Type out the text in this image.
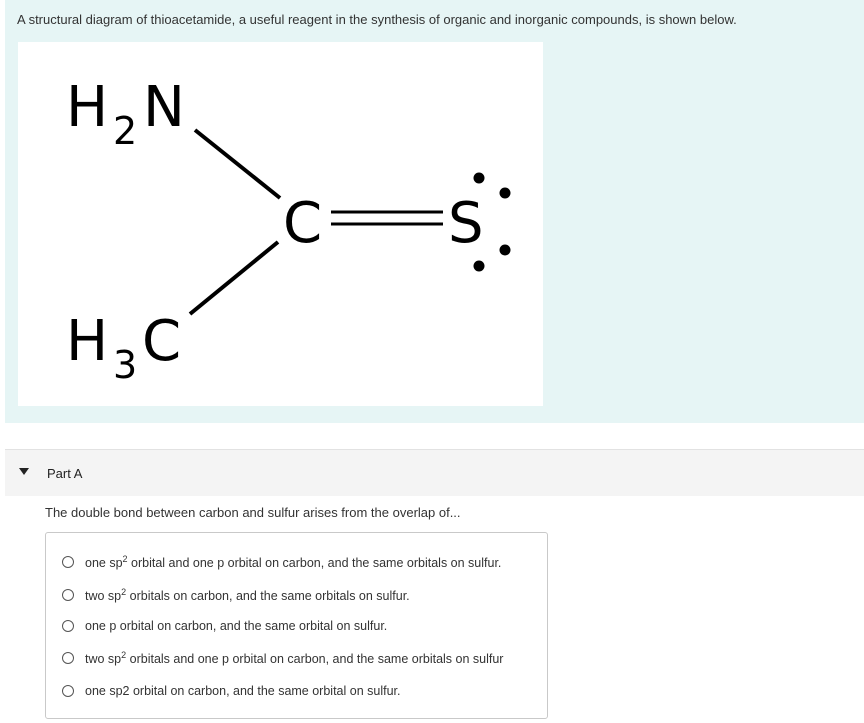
A structural diagram of thioacetamide, a useful reagent in the synthesis of organic and inorganic compounds, is shown below.
H 2 N
H 3 C
C S
Part A
The double bond between carbon and sulfur arises from the overlap of...
one $sp^2$ orbital and one p orbital on carbon, and the same orbitals on sulfur.
two $sp^2$ orbitals on carbon, and the same orbitals on sulfur.
one p orbital on carbon, and the same orbital on sulfur.
two $sp^2$ orbitals and one p orbital on carbon, and the same orbitals on sulfur
one sp2 orbital on carbon, and the same orbital on sulfur.
